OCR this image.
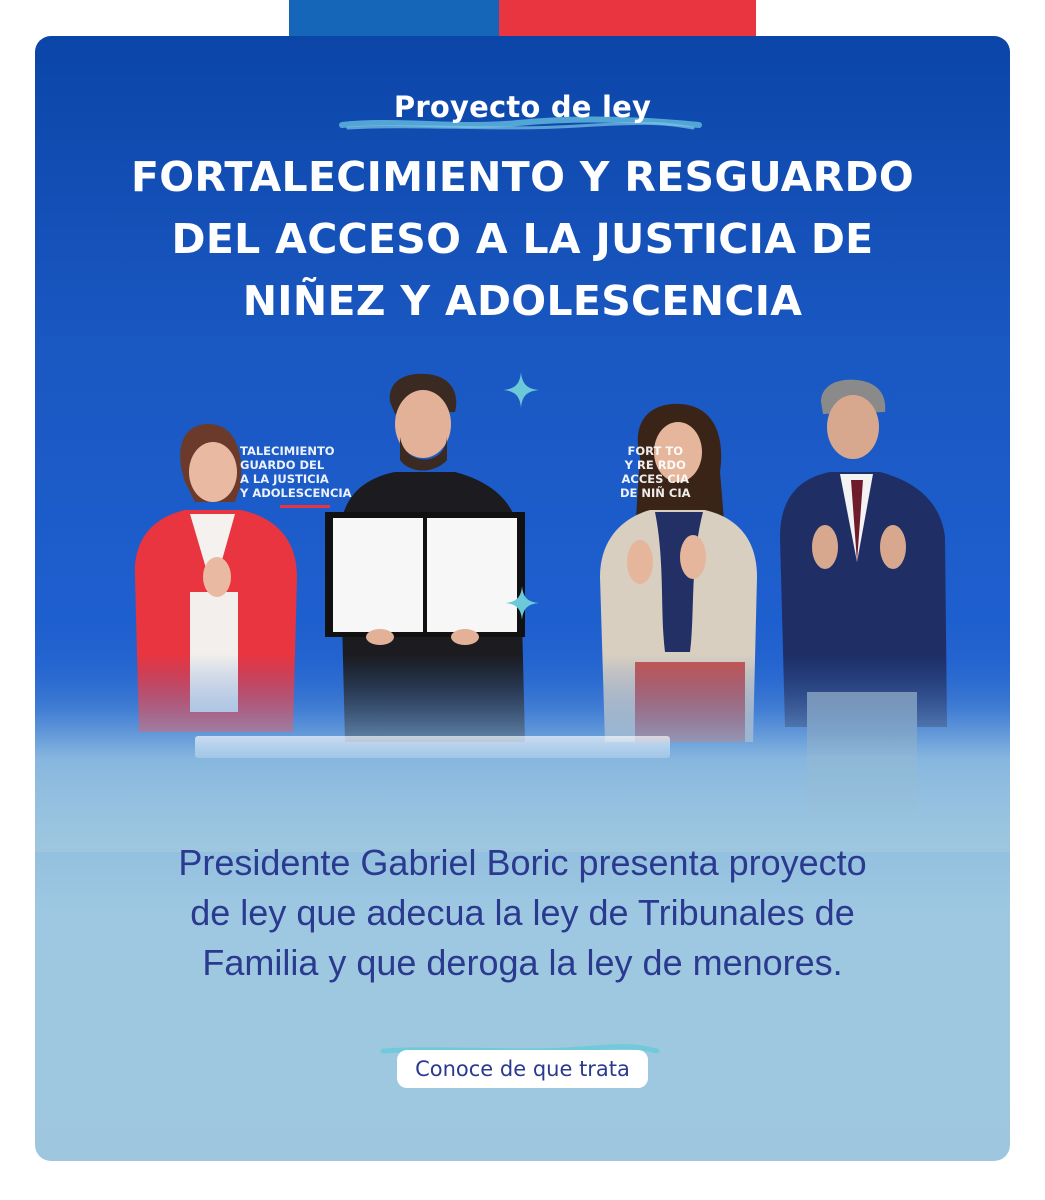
Proyecto de ley
FORTALECIMIENTO Y RESGUARDO
DEL ACCESO A LA JUSTICIA DE
NIÑEZ Y ADOLESCENCIA
TALECIMIENTO
GUARDO DEL
A LA JUSTICIA
Y ADOLESCENCIA
FORT TO
Y RE RDO
ACCES CIA
DE NIÑ CIA
Presidente Gabriel Boric presenta proyecto
de ley que adecua la ley de Tribunales de
Familia y que deroga la ley de menores.
Conoce de que trata
